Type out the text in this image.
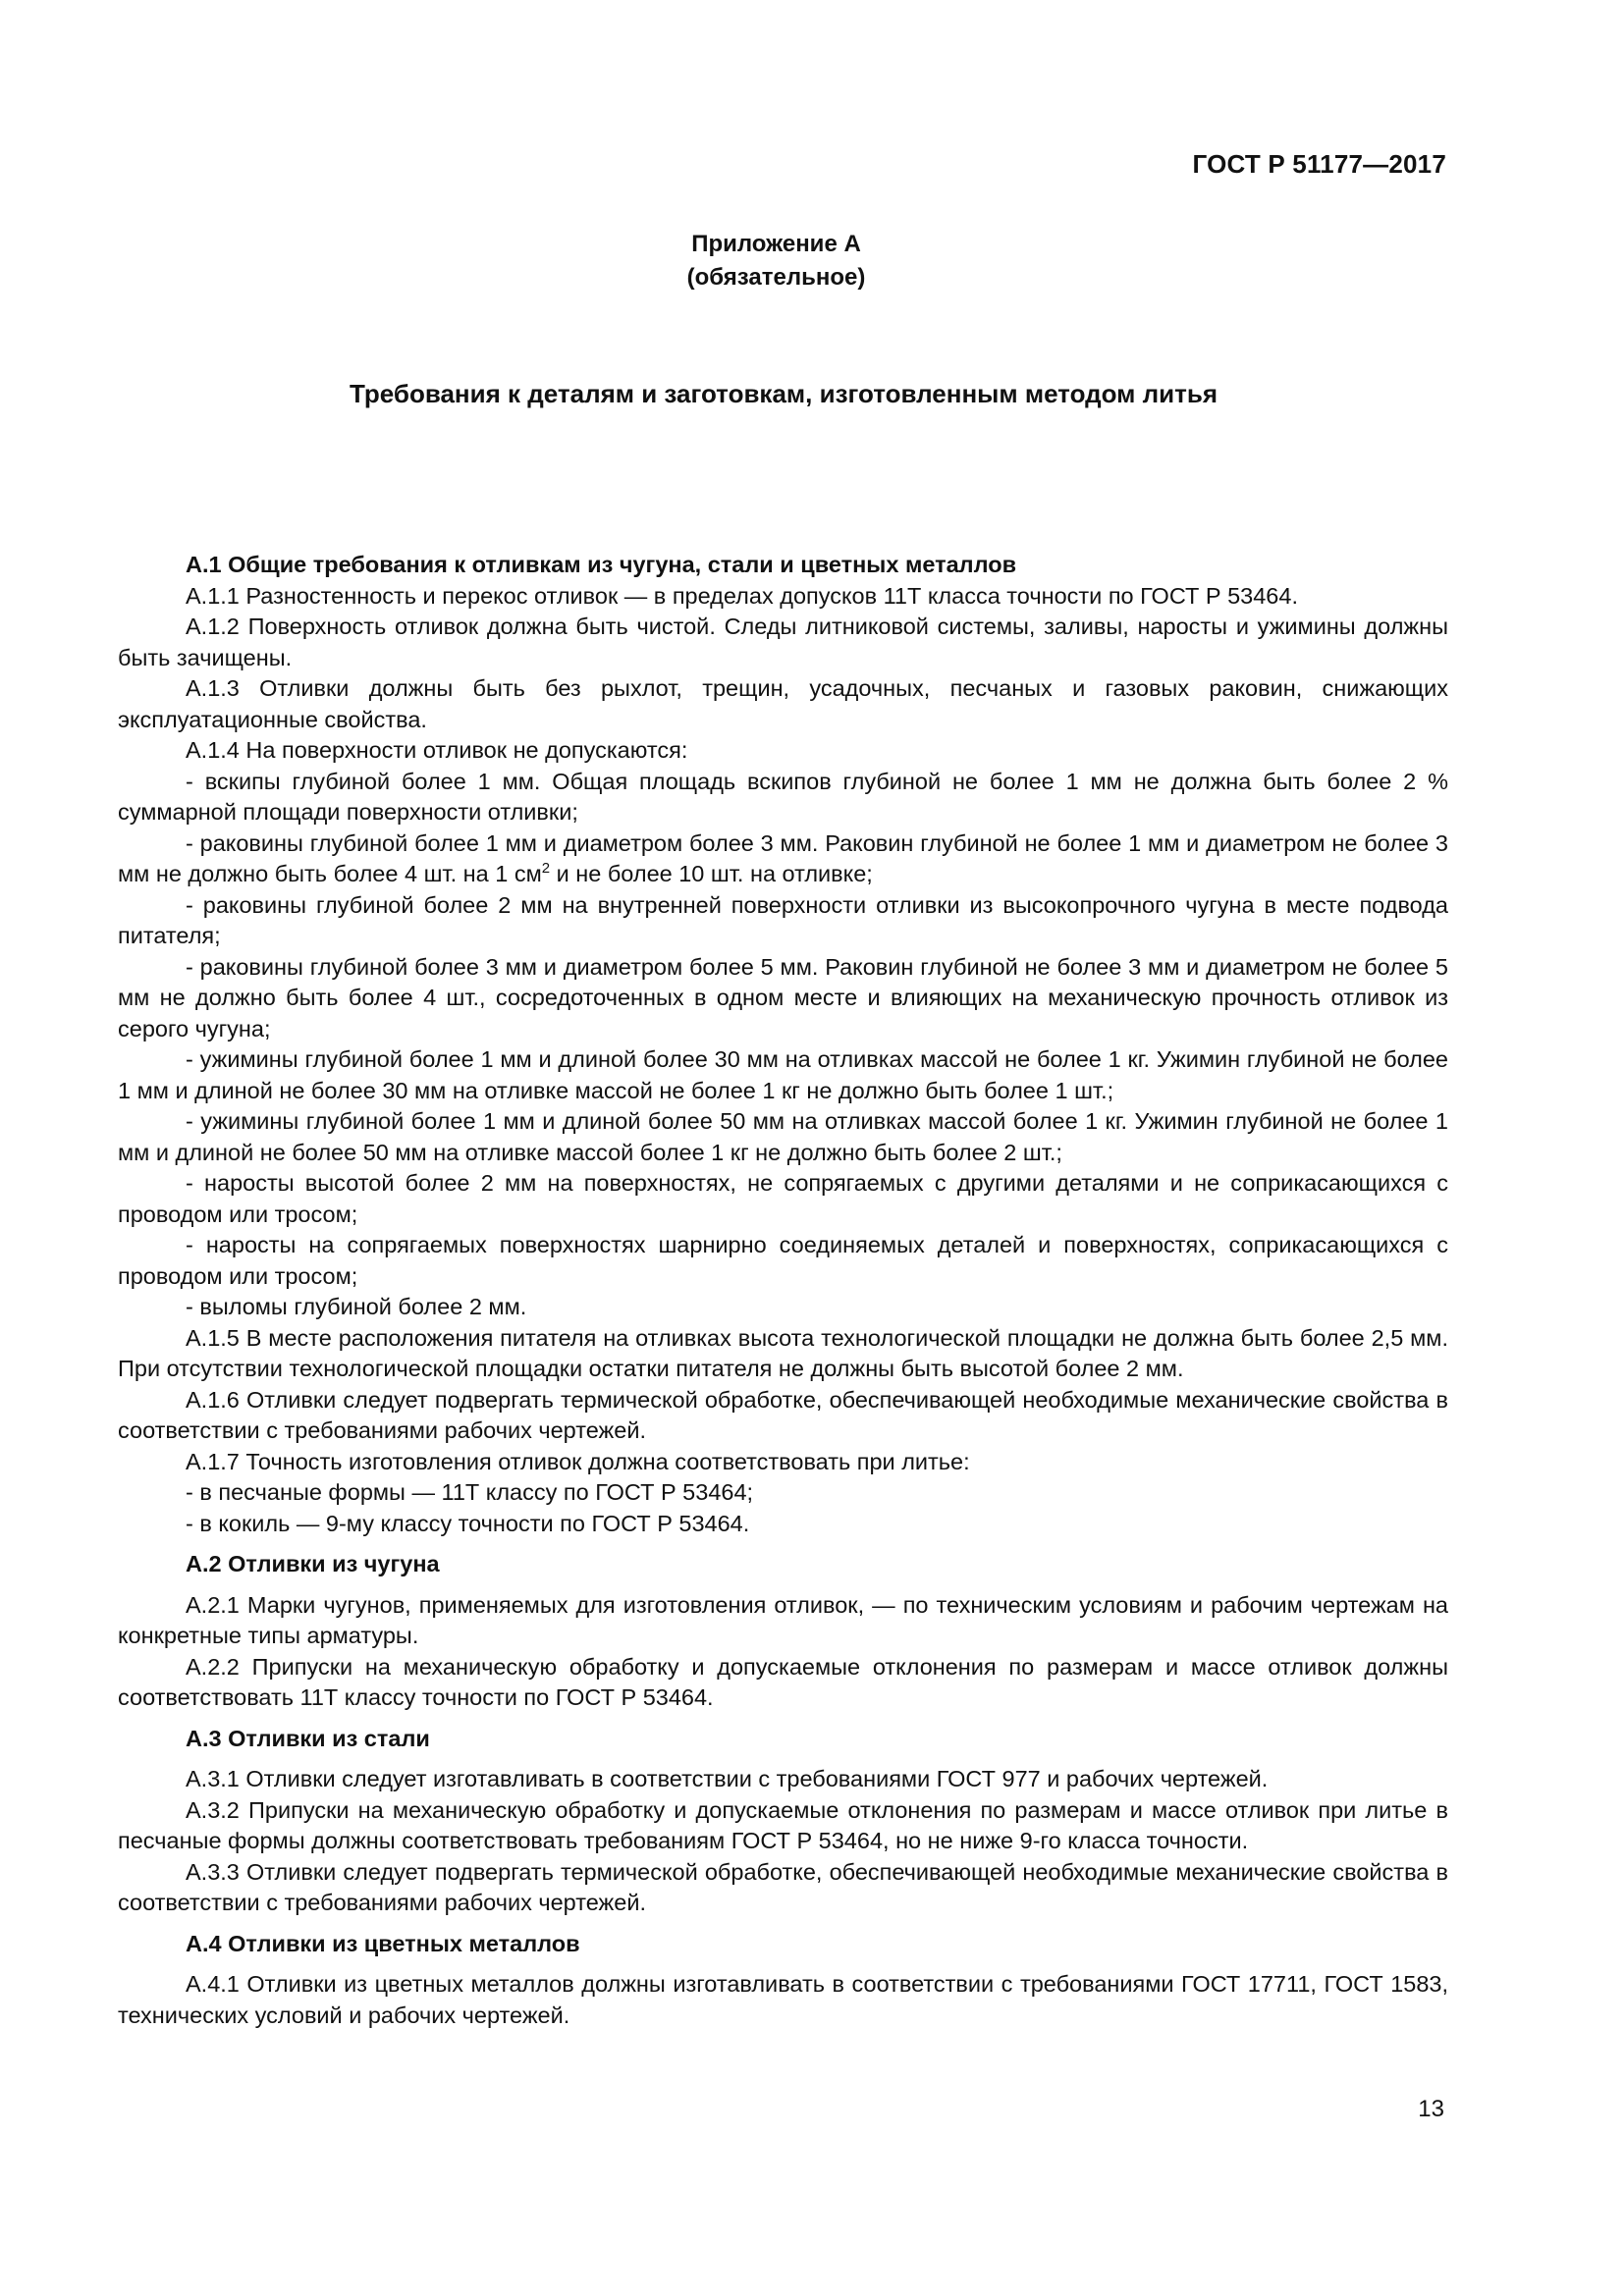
ГОСТ Р 51177—2017
Приложение А
(обязательное)
Требования к деталям и заготовкам, изготовленным методом литья
А.1 Общие требования к отливкам из чугуна, стали и цветных металлов

А.1.1 Разностенность и перекос отливок — в пределах допусков 11Т класса точности по ГОСТ Р 53464.

А.1.2 Поверхность отливок должна быть чистой. Следы литниковой системы, заливы, наросты и ужимины должны быть зачищены.

А.1.3 Отливки должны быть без рыхлот, трещин, усадочных, песчаных и газовых раковин, снижающих эксплуатационные свойства.

А.1.4 На поверхности отливок не допускаются:

- вскипы глубиной более 1 мм. Общая площадь вскипов глубиной не более 1 мм не должна быть более 2 % суммарной площади поверхности отливки;

- раковины глубиной более 1 мм и диаметром более 3 мм. Раковин глубиной не более 1 мм и диаметром не более 3 мм не должно быть более 4 шт. на 1 $см^2$ и не более 10 шт. на отливке;

- раковины глубиной более 2 мм на внутренней поверхности отливки из высокопрочного чугуна в месте подвода питателя;

- раковины глубиной более 3 мм и диаметром более 5 мм. Раковин глубиной не более 3 мм и диаметром не более 5 мм не должно быть более 4 шт., сосредоточенных в одном месте и влияющих на механическую прочность отливок из серого чугуна;

- ужимины глубиной более 1 мм и длиной более 30 мм на отливках массой не более 1 кг. Ужимин глубиной не более 1 мм и длиной не более 30 мм на отливке массой не более 1 кг не должно быть более 1 шт.;

- ужимины глубиной более 1 мм и длиной более 50 мм на отливках массой более 1 кг. Ужимин глубиной не более 1 мм и длиной не более 50 мм на отливке массой более 1 кг не должно быть более 2 шт.;

- наросты высотой более 2 мм на поверхностях, не сопрягаемых с другими деталями и не соприкасающихся с проводом или тросом;

- наросты на сопрягаемых поверхностях шарнирно соединяемых деталей и поверхностях, соприкасающихся с проводом или тросом;

- выломы глубиной более 2 мм.

А.1.5 В месте расположения питателя на отливках высота технологической площадки не должна быть более 2,5 мм. При отсутствии технологической площадки остатки питателя не должны быть высотой более 2 мм.

А.1.6 Отливки следует подвергать термической обработке, обеспечивающей необходимые механические свойства в соответствии с требованиями рабочих чертежей.

А.1.7 Точность изготовления отливок должна соответствовать при литье:

- в песчаные формы — 11Т классу по ГОСТ Р 53464;

- в кокиль — 9-му классу точности по ГОСТ Р 53464.

А.2 Отливки из чугуна

А.2.1 Марки чугунов, применяемых для изготовления отливок, — по техническим условиям и рабочим чертежам на конкретные типы арматуры.

А.2.2 Припуски на механическую обработку и допускаемые отклонения по размерам и массе отливок должны соответствовать 11Т классу точности по ГОСТ Р 53464.

А.3 Отливки из стали

А.3.1 Отливки следует изготавливать в соответствии с требованиями ГОСТ 977 и рабочих чертежей.

А.3.2 Припуски на механическую обработку и допускаемые отклонения по размерам и массе отливок при литье в песчаные формы должны соответствовать требованиям ГОСТ Р 53464, но не ниже 9-го класса точности.

А.3.3 Отливки следует подвергать термической обработке, обеспечивающей необходимые механические свойства в соответствии с требованиями рабочих чертежей.

А.4 Отливки из цветных металлов

А.4.1 Отливки из цветных металлов должны изготавливать в соответствии с требованиями ГОСТ 17711, ГОСТ 1583, технических условий и рабочих чертежей.

13
